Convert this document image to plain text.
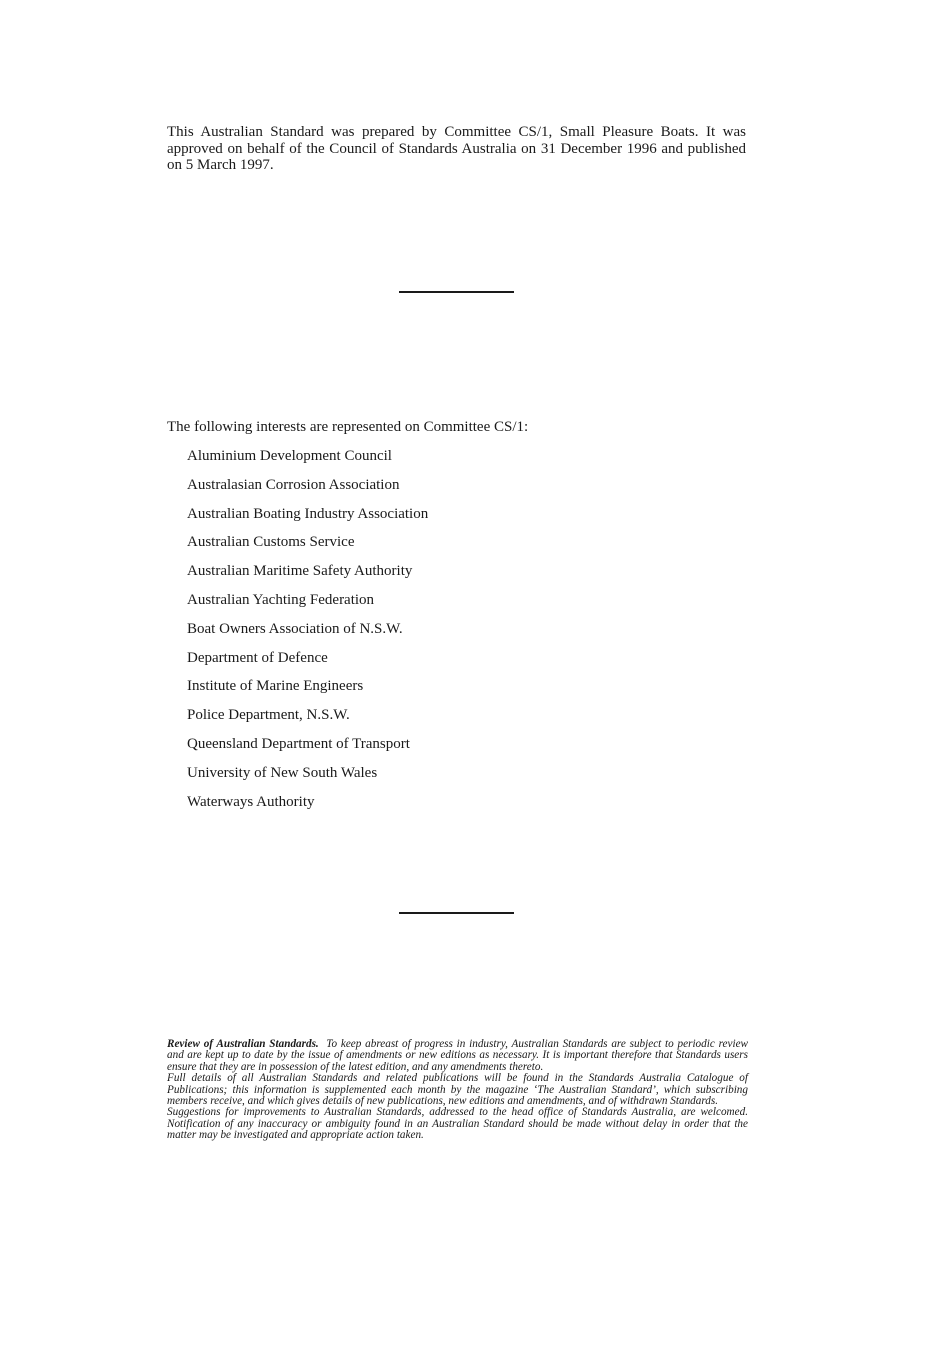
This Australian Standard was prepared by Committee CS/1, Small Pleasure Boats. It was approved on behalf of the Council of Standards Australia on 31 December 1996 and published on 5 March 1997.

The following interests are represented on Committee CS/1:

Aluminium Development Council
Australasian Corrosion Association
Australian Boating Industry Association
Australian Customs Service
Australian Maritime Safety Authority
Australian Yachting Federation
Boat Owners Association of N.S.W.
Department of Defence
Institute of Marine Engineers
Police Department, N.S.W.
Queensland Department of Transport
University of New South Wales
Waterways Authority

Review of Australian Standards. To keep abreast of progress in industry, Australian Standards are subject to periodic review and are kept up to date by the issue of amendments or new editions as necessary. It is important therefore that Standards users ensure that they are in possession of the latest edition, and any amendments thereto.

Full details of all Australian Standards and related publications will be found in the Standards Australia Catalogue of Publications; this information is supplemented each month by the magazine ‘The Australian Standard’, which subscribing members receive, and which gives details of new publications, new editions and amendments, and of withdrawn Standards.

Suggestions for improvements to Australian Standards, addressed to the head office of Standards Australia, are welcomed. Notification of any inaccuracy or ambiguity found in an Australian Standard should be made without delay in order that the matter may be investigated and appropriate action taken.
